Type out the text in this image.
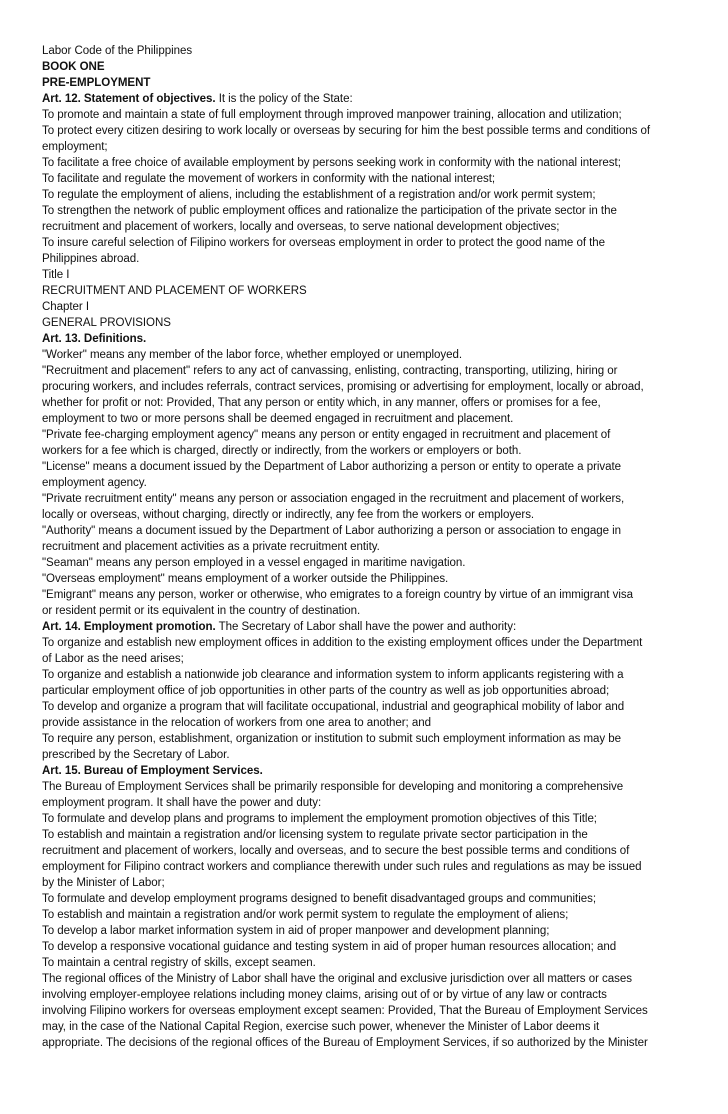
Labor Code of the Philippines
BOOK ONE
PRE-EMPLOYMENT
Art. 12. Statement of objectives. It is the policy of the State:
To promote and maintain a state of full employment through improved manpower training, allocation and utilization;
To protect every citizen desiring to work locally or overseas by securing for him the best possible terms and conditions of
employment;
To facilitate a free choice of available employment by persons seeking work in conformity with the national interest;
To facilitate and regulate the movement of workers in conformity with the national interest;
To regulate the employment of aliens, including the establishment of a registration and/or work permit system;
To strengthen the network of public employment offices and rationalize the participation of the private sector in the
recruitment and placement of workers, locally and overseas, to serve national development objectives;
To insure careful selection of Filipino workers for overseas employment in order to protect the good name of the
Philippines abroad.
Title I
RECRUITMENT AND PLACEMENT OF WORKERS
Chapter I
GENERAL PROVISIONS
Art. 13. Definitions.
"Worker" means any member of the labor force, whether employed or unemployed.
"Recruitment and placement" refers to any act of canvassing, enlisting, contracting, transporting, utilizing, hiring or
procuring workers, and includes referrals, contract services, promising or advertising for employment, locally or abroad,
whether for profit or not: Provided, That any person or entity which, in any manner, offers or promises for a fee,
employment to two or more persons shall be deemed engaged in recruitment and placement.
"Private fee-charging employment agency" means any person or entity engaged in recruitment and placement of
workers for a fee which is charged, directly or indirectly, from the workers or employers or both.
"License" means a document issued by the Department of Labor authorizing a person or entity to operate a private
employment agency.
"Private recruitment entity" means any person or association engaged in the recruitment and placement of workers,
locally or overseas, without charging, directly or indirectly, any fee from the workers or employers.
"Authority" means a document issued by the Department of Labor authorizing a person or association to engage in
recruitment and placement activities as a private recruitment entity.
"Seaman" means any person employed in a vessel engaged in maritime navigation.
"Overseas employment" means employment of a worker outside the Philippines.
"Emigrant" means any person, worker or otherwise, who emigrates to a foreign country by virtue of an immigrant visa
or resident permit or its equivalent in the country of destination.
Art. 14. Employment promotion. The Secretary of Labor shall have the power and authority:
To organize and establish new employment offices in addition to the existing employment offices under the Department
of Labor as the need arises;
To organize and establish a nationwide job clearance and information system to inform applicants registering with a
particular employment office of job opportunities in other parts of the country as well as job opportunities abroad;
To develop and organize a program that will facilitate occupational, industrial and geographical mobility of labor and
provide assistance in the relocation of workers from one area to another; and
To require any person, establishment, organization or institution to submit such employment information as may be
prescribed by the Secretary of Labor.
Art. 15. Bureau of Employment Services.
The Bureau of Employment Services shall be primarily responsible for developing and monitoring a comprehensive
employment program. It shall have the power and duty:
To formulate and develop plans and programs to implement the employment promotion objectives of this Title;
To establish and maintain a registration and/or licensing system to regulate private sector participation in the
recruitment and placement of workers, locally and overseas, and to secure the best possible terms and conditions of
employment for Filipino contract workers and compliance therewith under such rules and regulations as may be issued
by the Minister of Labor;
To formulate and develop employment programs designed to benefit disadvantaged groups and communities;
To establish and maintain a registration and/or work permit system to regulate the employment of aliens;
To develop a labor market information system in aid of proper manpower and development planning;
To develop a responsive vocational guidance and testing system in aid of proper human resources allocation; and
To maintain a central registry of skills, except seamen.
The regional offices of the Ministry of Labor shall have the original and exclusive jurisdiction over all matters or cases
involving employer-employee relations including money claims, arising out of or by virtue of any law or contracts
involving Filipino workers for overseas employment except seamen: Provided, That the Bureau of Employment Services
may, in the case of the National Capital Region, exercise such power, whenever the Minister of Labor deems it
appropriate. The decisions of the regional offices of the Bureau of Employment Services, if so authorized by the Minister
